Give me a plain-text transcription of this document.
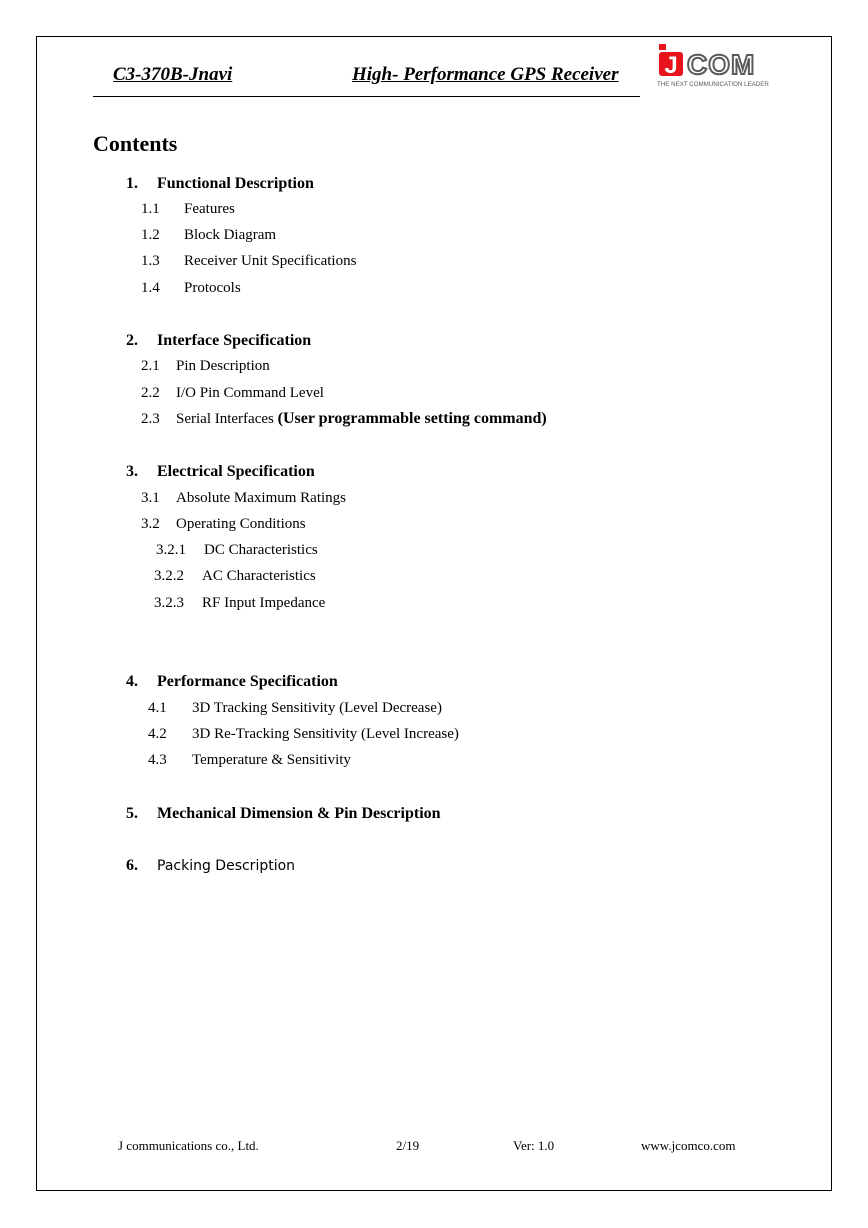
C3-370B-Jnavi	High- Performance GPS Receiver J COM
THE NEXT COMMUNICATION LEADER
Contents
1. Functional Description
1.1 Features
1.2 Block Diagram
1.3 Receiver Unit Specifications
1.4 Protocols
2. Interface Specification
2.1 Pin Description
2.2 I/O Pin Command Level
2.3 Serial Interfaces (User programmable setting command)
3. Electrical Specification
3.1 Absolute Maximum Ratings
3.2 Operating Conditions
3.2.1 DC Characteristics
3.2.2 AC Characteristics
3.2.3 RF Input Impedance
4. Performance Specification
4.1 3D Tracking Sensitivity (Level Decrease)
4.2 3D Re-Tracking Sensitivity (Level Increase)
4.3 Temperature & Sensitivity
5. Mechanical Dimension & Pin Description
6. Packing Description
J communications co., Ltd.	2/19	Ver: 1.0	www.jcomco.com
